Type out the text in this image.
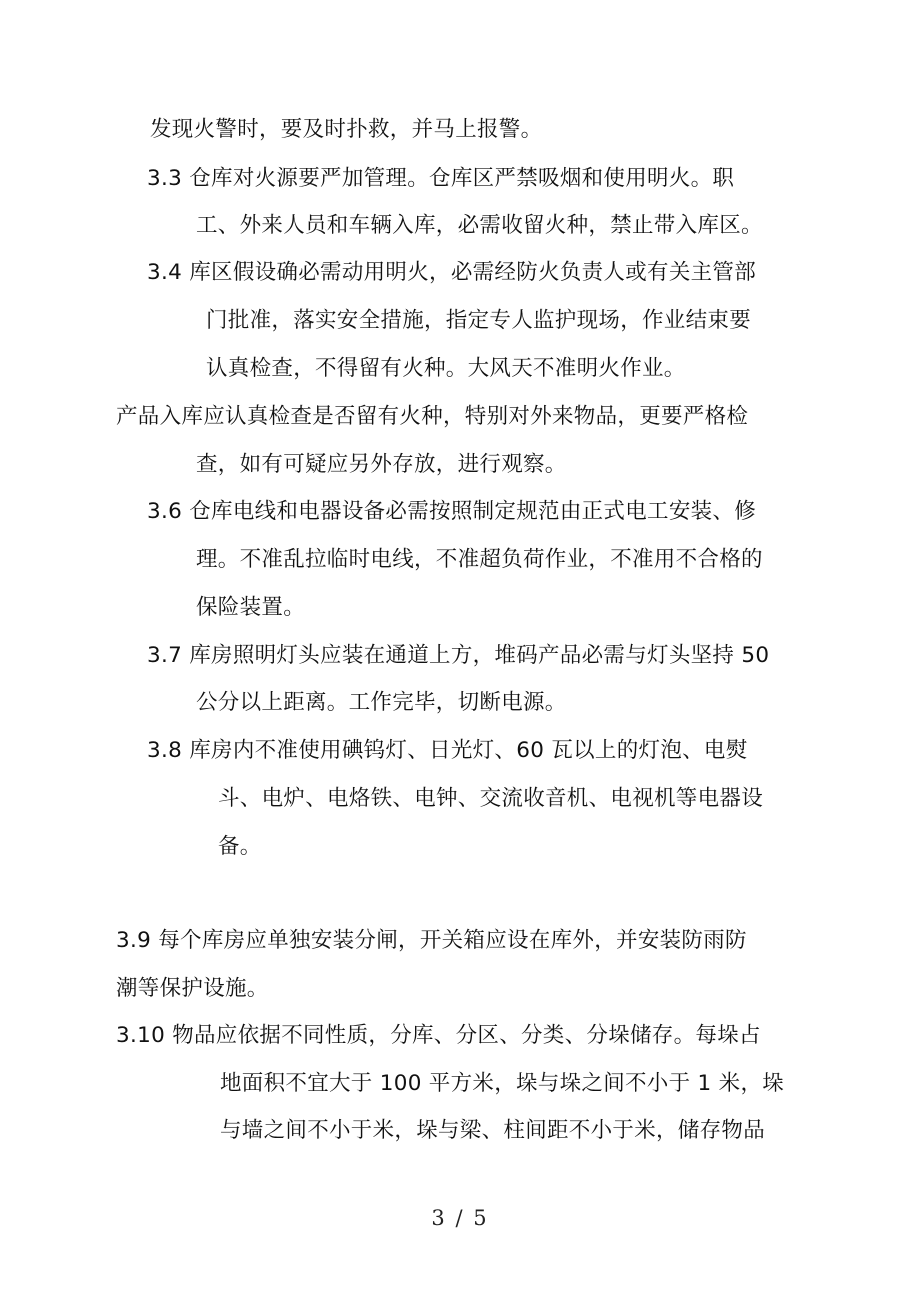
发现火警时，要及时扑救，并马上报警。
3.3 仓库对火源要严加管理。仓库区严禁吸烟和使用明火。职
工、外来人员和车辆入库，必需收留火种，禁止带入库区。
3.4 库区假设确必需动用明火，必需经防火负责人或有关主管部
门批准，落实安全措施，指定专人监护现场，作业结束要
认真检查，不得留有火种。大风天不准明火作业。
产品入库应认真检查是否留有火种，特别对外来物品，更要严格检
查，如有可疑应另外存放，进行观察。
3.6 仓库电线和电器设备必需按照制定规范由正式电工安装、修
理。不准乱拉临时电线，不准超负荷作业，不准用不合格的
保险装置。
3.7 库房照明灯头应装在通道上方，堆码产品必需与灯头坚持 50
公分以上距离。工作完毕，切断电源。
3.8 库房内不准使用碘钨灯、日光灯、60 瓦以上的灯泡、电熨
斗、电炉、电烙铁、电钟、交流收音机、电视机等电器设
备。
3.9 每个库房应单独安装分闸，开关箱应设在库外，并安装防雨防
潮等保护设施。
3.10 物品应依据不同性质，分库、分区、分类、分垛储存。每垛占
地面积不宜大于 100 平方米，垛与垛之间不小于 1 米，垛
与墙之间不小于米，垛与梁、柱间距不小于米，储存物品
3 / 5
